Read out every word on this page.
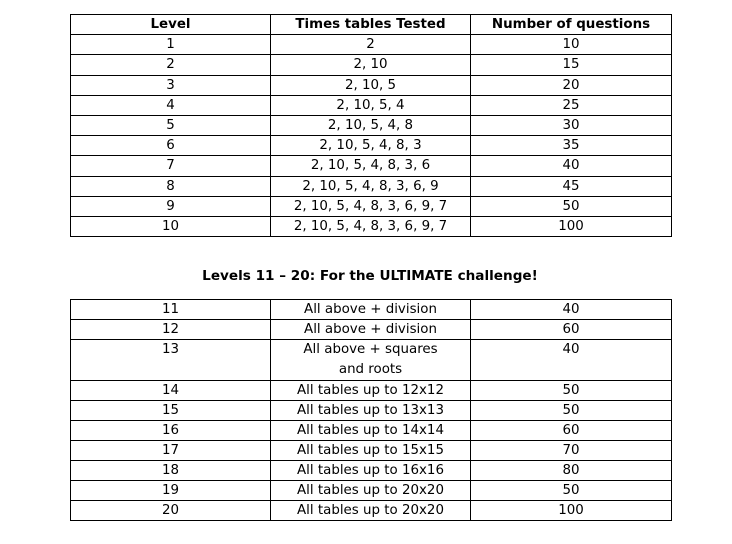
Level	Times tables Tested	Number of questions
1	2	10
2	2, 10	15
3	2, 10, 5	20
4	2, 10, 5, 4	25
5	2, 10, 5, 4, 8	30
6	2, 10, 5, 4, 8, 3	35
7	2, 10, 5, 4, 8, 3, 6	40
8	2, 10, 5, 4, 8, 3, 6, 9	45
9	2, 10, 5, 4, 8, 3, 6, 9, 7	50
10	2, 10, 5, 4, 8, 3, 6, 9, 7	100
Levels 11 – 20: For the ULTIMATE challenge!
11	All above + division	40
12	All above + division	60
13	All above + squares and roots	40
14	All tables up to 12x12	50
15	All tables up to 13x13	50
16	All tables up to 14x14	60
17	All tables up to 15x15	70
18	All tables up to 16x16	80
19	All tables up to 20x20	50
20	All tables up to 20x20	100
